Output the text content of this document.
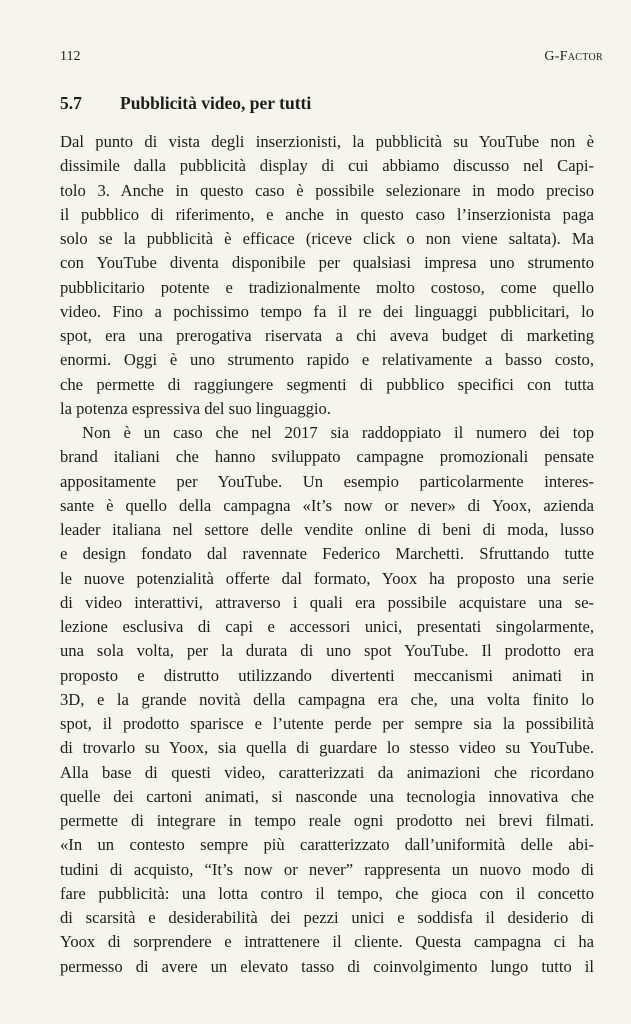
112	G-Factor
5.7 Pubblicità video, per tutti
Dal punto di vista degli inserzionisti, la pubblicità su YouTube non è
dissimile dalla pubblicità display di cui abbiamo discusso nel Capi-
tolo 3. Anche in questo caso è possibile selezionare in modo preciso
il pubblico di riferimento, e anche in questo caso l’inserzionista paga
solo se la pubblicità è efficace (riceve click o non viene saltata). Ma
con YouTube diventa disponibile per qualsiasi impresa uno strumento
pubblicitario potente e tradizionalmente molto costoso, come quello
video. Fino a pochissimo tempo fa il re dei linguaggi pubblicitari, lo
spot, era una prerogativa riservata a chi aveva budget di marketing
enormi. Oggi è uno strumento rapido e relativamente a basso costo,
che permette di raggiungere segmenti di pubblico specifici con tutta
la potenza espressiva del suo linguaggio.
Non è un caso che nel 2017 sia raddoppiato il numero dei top
brand italiani che hanno sviluppato campagne promozionali pensate
appositamente per YouTube. Un esempio particolarmente interes-
sante è quello della campagna «It’s now or never» di Yoox, azienda
leader italiana nel settore delle vendite online di beni di moda, lusso
e design fondato dal ravennate Federico Marchetti. Sfruttando tutte
le nuove potenzialità offerte dal formato, Yoox ha proposto una serie
di video interattivi, attraverso i quali era possibile acquistare una se-
lezione esclusiva di capi e accessori unici, presentati singolarmente,
una sola volta, per la durata di uno spot YouTube. Il prodotto era
proposto e distrutto utilizzando divertenti meccanismi animati in
3D, e la grande novità della campagna era che, una volta finito lo
spot, il prodotto sparisce e l’utente perde per sempre sia la possibilità
di trovarlo su Yoox, sia quella di guardare lo stesso video su YouTube.
Alla base di questi video, caratterizzati da animazioni che ricordano
quelle dei cartoni animati, si nasconde una tecnologia innovativa che
permette di integrare in tempo reale ogni prodotto nei brevi filmati.
«In un contesto sempre più caratterizzato dall’uniformità delle abi-
tudini di acquisto, “It’s now or never” rappresenta un nuovo modo di
fare pubblicità: una lotta contro il tempo, che gioca con il concetto
di scarsità e desiderabilità dei pezzi unici e soddisfa il desiderio di
Yoox di sorprendere e intrattenere il cliente. Questa campagna ci ha
permesso di avere un elevato tasso di coinvolgimento lungo tutto il
